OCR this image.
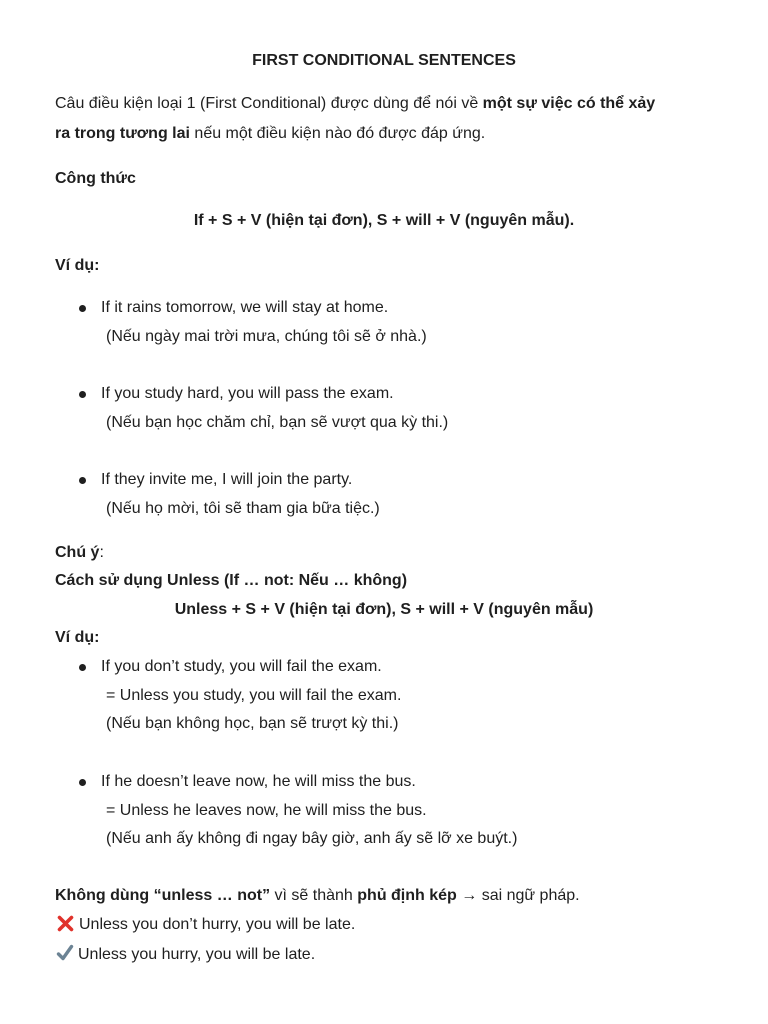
FIRST CONDITIONAL SENTENCES
Câu điều kiện loại 1 (First Conditional) được dùng để nói về một sự việc có thể xảy
ra trong tương lai nếu một điều kiện nào đó được đáp ứng.
Công thức
If + S + V (hiện tại đơn), S + will + V (nguyên mẫu).
Ví dụ:
If it rains tomorrow, we will stay at home.
(Nếu ngày mai trời mưa, chúng tôi sẽ ở nhà.)
If you study hard, you will pass the exam.
(Nếu bạn học chăm chỉ, bạn sẽ vượt qua kỳ thi.)
If they invite me, I will join the party.
(Nếu họ mời, tôi sẽ tham gia bữa tiệc.)
Chú ý:
Cách sử dụng Unless (If … not: Nếu … không)
Unless + S + V (hiện tại đơn), S + will + V (nguyên mẫu)
Ví dụ:
If you don’t study, you will fail the exam.
= Unless you study, you will fail the exam.
(Nếu bạn không học, bạn sẽ trượt kỳ thi.)
If he doesn’t leave now, he will miss the bus.
= Unless he leaves now, he will miss the bus.
(Nếu anh ấy không đi ngay bây giờ, anh ấy sẽ lỡ xe buýt.)
Không dùng “unless … not” vì sẽ thành phủ định kép → sai ngữ pháp.
Unless you don’t hurry, you will be late.
Unless you hurry, you will be late.
